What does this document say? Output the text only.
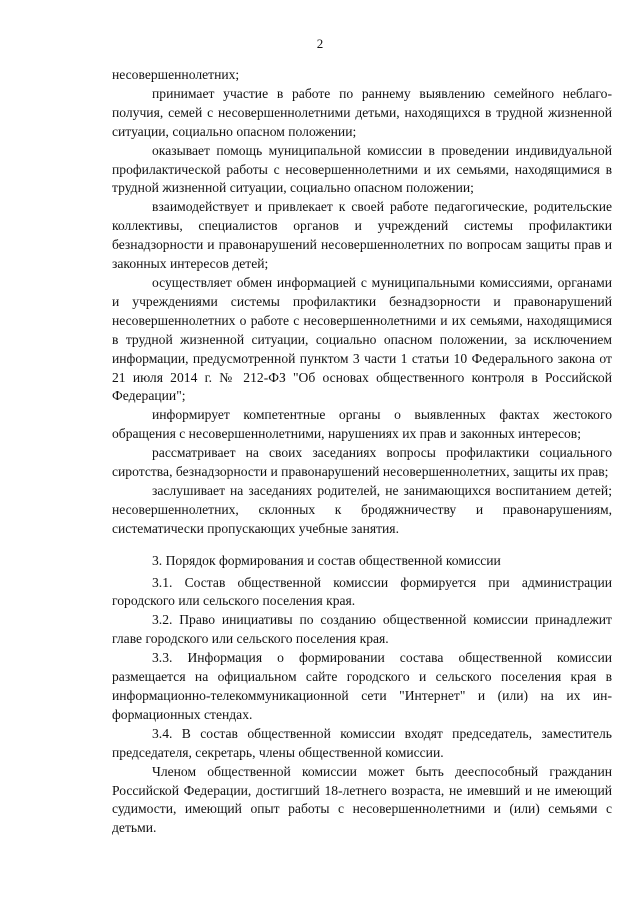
2

несовершеннолетних;

принимает участие в работе по раннему выявлению семейного неблагополучия, семей с несовершеннолетними детьми, находящихся в трудной жизненной ситуации, социально опасном положении;

оказывает помощь муниципальной комиссии в проведении индивидуальной профилактической работы с несовершеннолетними и их семьями, находящимися в трудной жизненной ситуации, социально опасном положении;

взаимодействует и привлекает к своей работе педагогические, родительские коллективы, специалистов органов и учреждений системы профилактики безнадзорности и правонарушений несовершеннолетних по вопросам защиты прав и законных интересов детей;

осуществляет обмен информацией с муниципальными комиссиями, органами и учреждениями системы профилактики безнадзорности и правонарушений несовершеннолетних о работе с несовершеннолетними и их семьями, находящимися в трудной жизненной ситуации, социально опасном положении, за исключением информации, предусмотренной пунктом 3 части 1 статьи 10 Федерального закона от 21 июля 2014 г. № 212-ФЗ "Об основах общественного контроля в Российской Федерации";

информирует компетентные органы о выявленных фактах жестокого обращения с несовершеннолетними, нарушениях их прав и законных интересов;

рассматривает на своих заседаниях вопросы профилактики социального сиротства, безнадзорности и правонарушений несовершеннолетних, защиты их прав;

заслушивает на заседаниях родителей, не занимающихся воспитанием детей; несовершеннолетних, склонных к бродяжничеству и правонарушениям, систематически пропускающих учебные занятия.

3. Порядок формирования и состав общественной комиссии

3.1. Состав общественной комиссии формируется при администрации городского или сельского поселения края.

3.2. Право инициативы по созданию общественной комиссии принадлежит главе городского или сельского поселения края.

3.3. Информация о формировании состава общественной комиссии размещается на официальном сайте городского и сельского поселения края в информационно-телекоммуникационной сети "Интернет" и (или) на их информационных стендах.

3.4. В состав общественной комиссии входят председатель, заместитель председателя, секретарь, члены общественной комиссии.

Членом общественной комиссии может быть дееспособный гражданин Российской Федерации, достигший 18-летнего возраста, не имевший и не имеющий судимости, имеющий опыт работы с несовершеннолетними и (или) семьями с детьми.
